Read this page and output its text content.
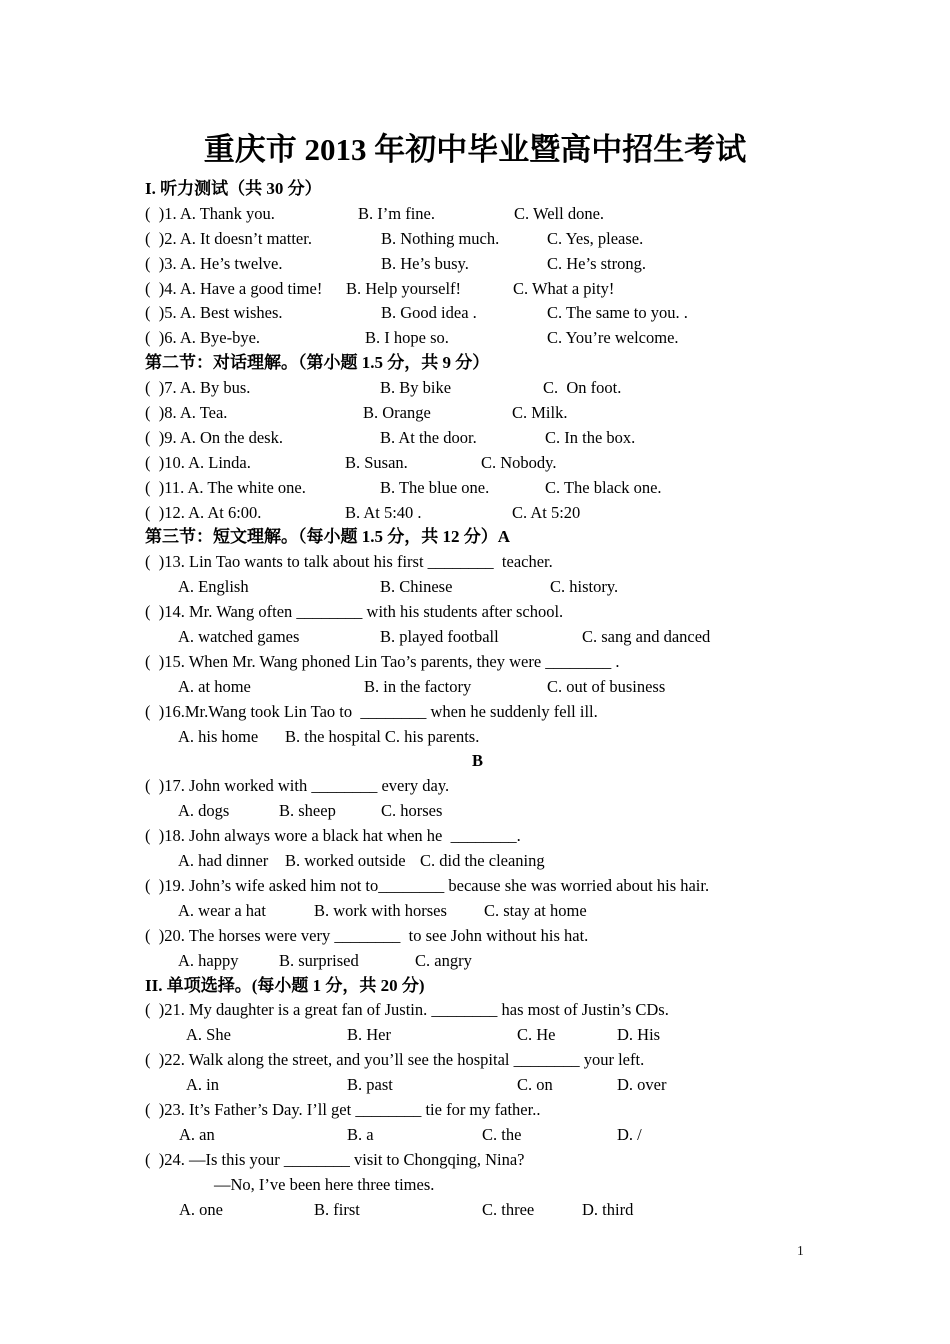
重庆市 2013 年初中毕业暨高中招生考试
I. 听力测试（共 30 分）
(  )1. A. Thank you.	B. I’m fine.	C. Well done.
(  )2. A. It doesn’t matter.	B. Nothing much.	C. Yes, please.
(  )3. A. He’s twelve.	B. He’s busy.	C. He’s strong.
(  )4. A. Have a good time! B. Help yourself!	C. What a pity!
(  )5. A. Best wishes.	B. Good idea .	C. The same to you. .
(  )6. A. Bye-bye.	B. I hope so.	C. You’re welcome.
第二节：对话理解。（第小题 1.5 分，共 9 分）
(  )7. A. By bus.	B. By bike	C.  On foot.
(  )8. A. Tea.	B. Orange	C. Milk.
(  )9. A. On the desk.	B. At the door.	C. In the box.
(  )10. A. Linda.	B. Susan.	C. Nobody.
(  )11. A. The white one.	B. The blue one.	C. The black one.
(  )12. A. At 6:00.	B. At 5:40 .	C. At 5:20
第三节：短文理解。（每小题 1.5 分，共 12 分）A
(  )13. Lin Tao wants to talk about his first ________  teacher.
A. English	B. Chinese	C. history.
(  )14. Mr. Wang often ________ with his students after school.
A. watched games	B. played football	C. sang and danced
(  )15. When Mr. Wang phoned Lin Tao’s parents, they were ________ .
A. at home	B. in the factory	C. out of business
(  )16.Mr.Wang took Lin Tao to  ________ when he suddenly fell ill.
A. his home B. the hospital C. his parents.
B
(  )17. John worked with ________ every day.
A. dogs	B. sheep	C. horses
(  )18. John always wore a black hat when he  ________.
A. had dinner B. worked outside C. did the cleaning
(  )19. John’s wife asked him not to________ because she was worried about his hair.
A. wear a hat	B. work with horses C. stay at home
(  )20. The horses were very ________  to see John without his hat.
A. happy B. surprised	C. angry
II. 单项选择。(每小题 1 分，共 20 分)
(  )21. My daughter is a great fan of Justin. ________ has most of Justin’s CDs.
A. She	B. Her	C. He	D. His
(  )22. Walk along the street, and you’ll see the hospital ________ your left.
A. in	B. past	C. on	D. over
(  )23. It’s Father’s Day. I’ll get ________ tie for my father..
A. an	B. a	C. the	D. /
(  )24. —Is this your ________ visit to Chongqing, Nina?
—No, I’ve been here three times.
A. one	B. first	C. three	D. third
1
